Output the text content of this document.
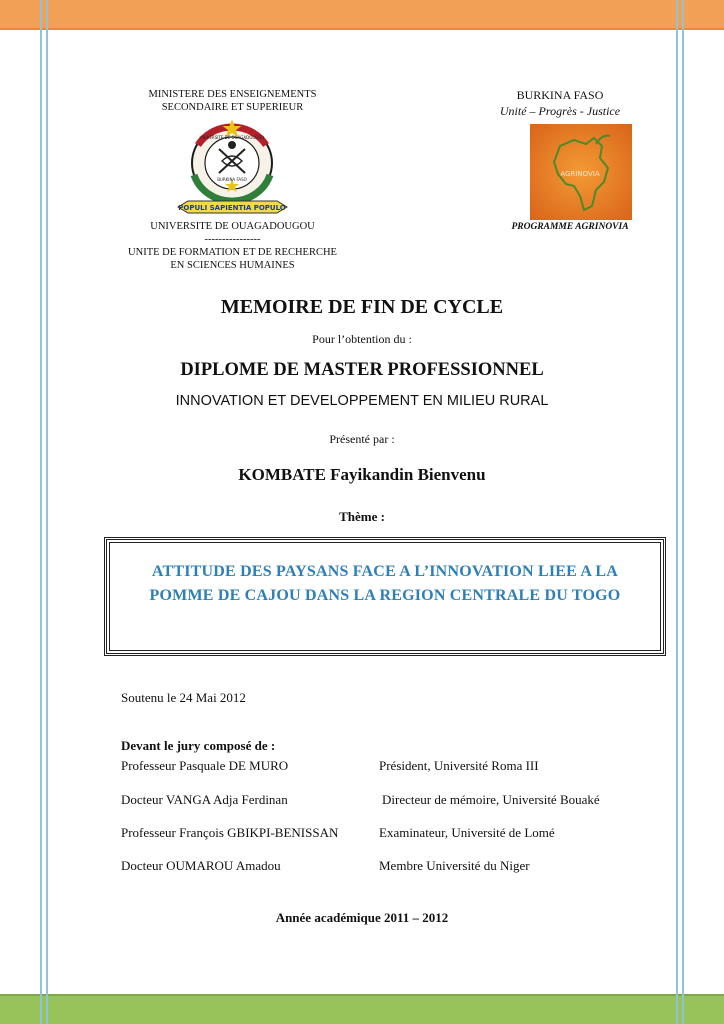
MINISTERE DES ENSEIGNEMENTS
SECONDAIRE ET SUPERIEUR
UNIVERSITE DE OUAGADOUGOU
BURKINA FASO
POPULI SAPIENTIA POPULO
UNIVERSITE DE OUAGADOUGOU
----------------
UNITE DE FORMATION ET DE RECHERCHE
EN SCIENCES HUMAINES
BURKINA FASO
Unité – Progrès - Justice
AGRINOVIA
PROGRAMME AGRINOVIA
MEMOIRE DE FIN DE CYCLE
Pour l’obtention du :
DIPLOME DE MASTER PROFESSIONNEL
INNOVATION ET DEVELOPPEMENT EN MILIEU RURAL
Présenté par :
KOMBATE Fayikandin Bienvenu
Thème :
ATTITUDE DES PAYSANS FACE A L’INNOVATION LIEE A LA POMME DE CAJOU DANS LA REGION CENTRALE DU TOGO
Soutenu le 24 Mai 2012
Devant le jury composé de :
Professeur Pasquale DE MURO	Président, Université Roma III
Docteur VANGA Adja Ferdinan	Directeur de mémoire, Université Bouaké
Professeur François GBIKPI-BENISSAN	Examinateur, Université de Lomé
Docteur OUMAROU Amadou	Membre Université du Niger
Année académique 2011 – 2012
